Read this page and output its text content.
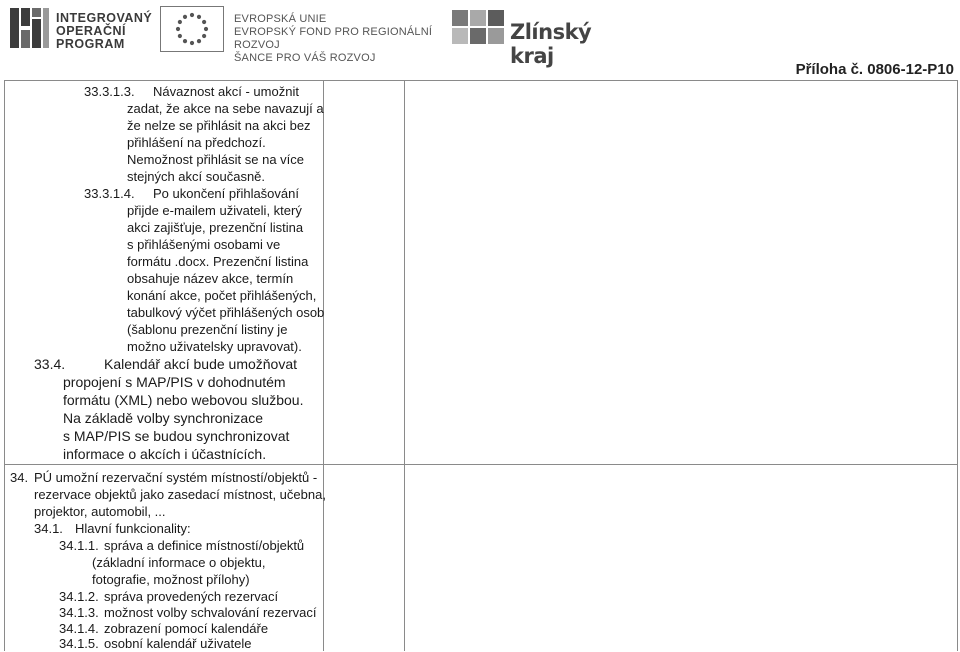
INTEGROVANÝ
OPERAČNÍ
PROGRAM
EVROPSKÁ UNIE
EVROPSKÝ FOND PRO REGIONÁLNÍ ROZVOJ
ŠANCE PRO VÁŠ ROZVOJ
Zlínský kraj
Příloha č. 0806-12-P10
33.3.1.3. Návaznost akcí - umožnit
zadat, že akce na sebe navazují a
že nelze se přihlásit na akci bez
přihlášení na předchozí.
Nemožnost přihlásit se na více
stejných akcí současně.
33.3.1.4. Po ukončení přihlašování
přijde e-mailem uživateli, který
akci zajišťuje, prezenční listina
s přihlášenými osobami ve
formátu .docx. Prezenční listina
obsahuje název akce, termín
konání akce, počet přihlášených,
tabulkový výčet přihlášených osob
(šablonu prezenční listiny je
možno uživatelsky upravovat).
33.4.	Kalendář akcí bude umožňovat
propojení s MAP/PIS v dohodnutém
formátu (XML) nebo webovou službou.
Na základě volby synchronizace
s MAP/PIS se budou synchronizovat
informace o akcích i účastnících.
34. PÚ umožní rezervační systém místností/objektů -
rezervace objektů jako zasedací místnost, učebna,
projektor, automobil, ...
34.1. Hlavní funkcionality:
34.1.1. správa a definice místností/objektů
(základní informace o objektu,
fotografie, možnost přílohy)
34.1.2. správa provedených rezervací
34.1.3. možnost volby schvalování rezervací
34.1.4. zobrazení pomocí kalendáře
34.1.5. osobní kalendář uživatele
